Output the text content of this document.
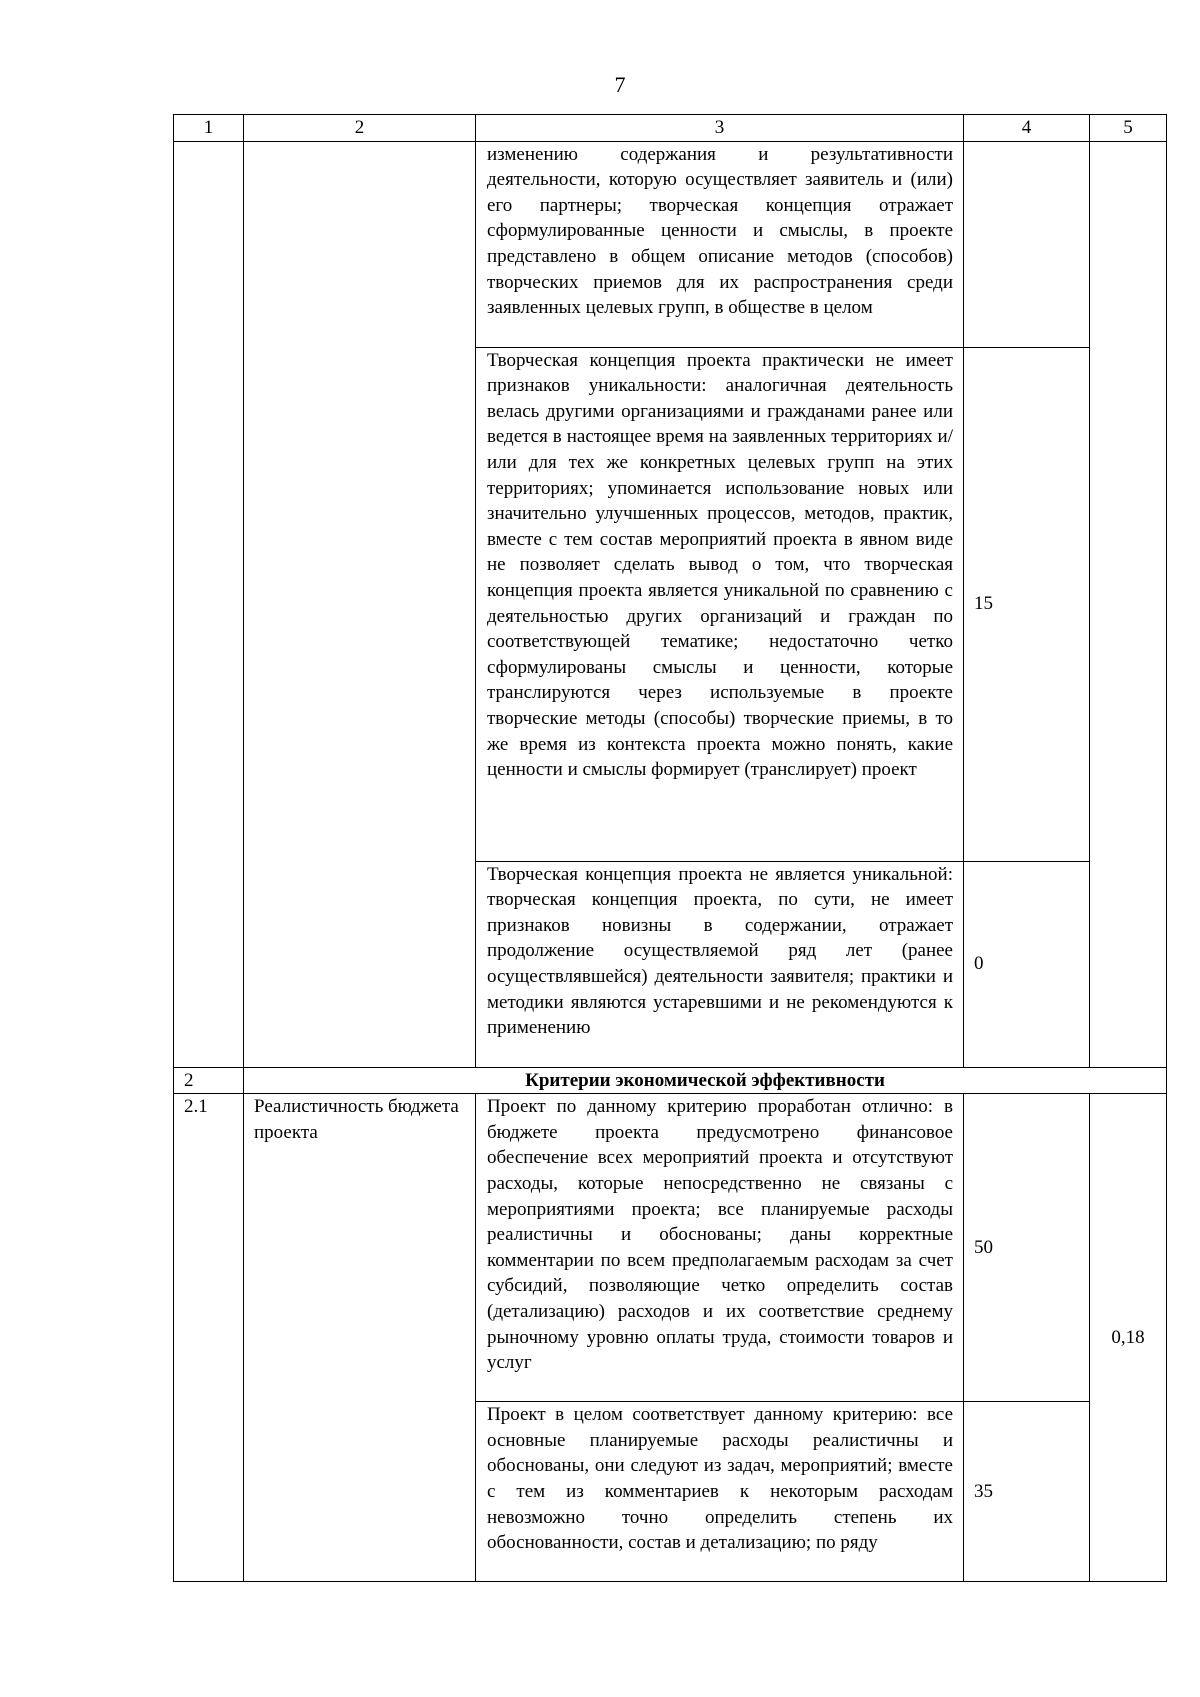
7
1	2	3	4	5
		изменению содержания и результативности деятельности, которую осуществляет заявитель и (или) его партнеры; творческая концепция отражает сформулированные ценности и смыслы, в проекте представлено в общем описание методов (способов) творческих приемов для их распространения среди заявленных целевых групп, в обществе в целом		
		Творческая концепция проекта практически не имеет признаков уникальности: аналогичная деятельность велась другими организациями и гражданами ранее или ведется в настоящее время на заявленных территориях и/или для тех же конкретных целевых групп на этих территориях; упоминается использование новых или значительно улучшенных процессов, методов, практик, вместе с тем состав мероприятий проекта в явном виде не позволяет сделать вывод о том, что творческая концепция проекта является уникальной по сравнению с деятельностью других организаций и граждан по соответствующей тематике; недостаточно четко сформулированы смыслы и ценности, которые транслируются через используемые в проекте творческие методы (способы) творческие приемы, в то же время из контекста проекта можно понять, какие ценности и смыслы формирует (транслирует) проект	15	
		Творческая концепция проекта не является уникальной: творческая концепция проекта, по сути, не имеет признаков новизны в содержании, отражает продолжение осуществляемой ряд лет (ранее осуществлявшейся) деятельности заявителя; практики и методики являются устаревшими и не рекомендуются к применению	0	
2	Критерии экономической эффективности			
2.1	Реалистичность бюджета проекта	Проект по данному критерию проработан отлично: в бюджете проекта предусмотрено финансовое обеспечение всех мероприятий проекта и отсутствуют расходы, которые непосредственно не связаны с мероприятиями проекта; все планируемые расходы реалистичны и обоснованы; даны корректные комментарии по всем предполагаемым расходам за счет субсидий, позволяющие четко определить состав (детализацию) расходов и их соответствие среднему рыночному уровню оплаты труда, стоимости товаров и услуг	50	0,18
		Проект в целом соответствует данному критерию: все основные планируемые расходы реалистичны и обоснованы, они следуют из задач, мероприятий; вместе с тем из комментариев к некоторым расходам невозможно точно определить степень их обоснованности, состав и детализацию; по ряду	35	
